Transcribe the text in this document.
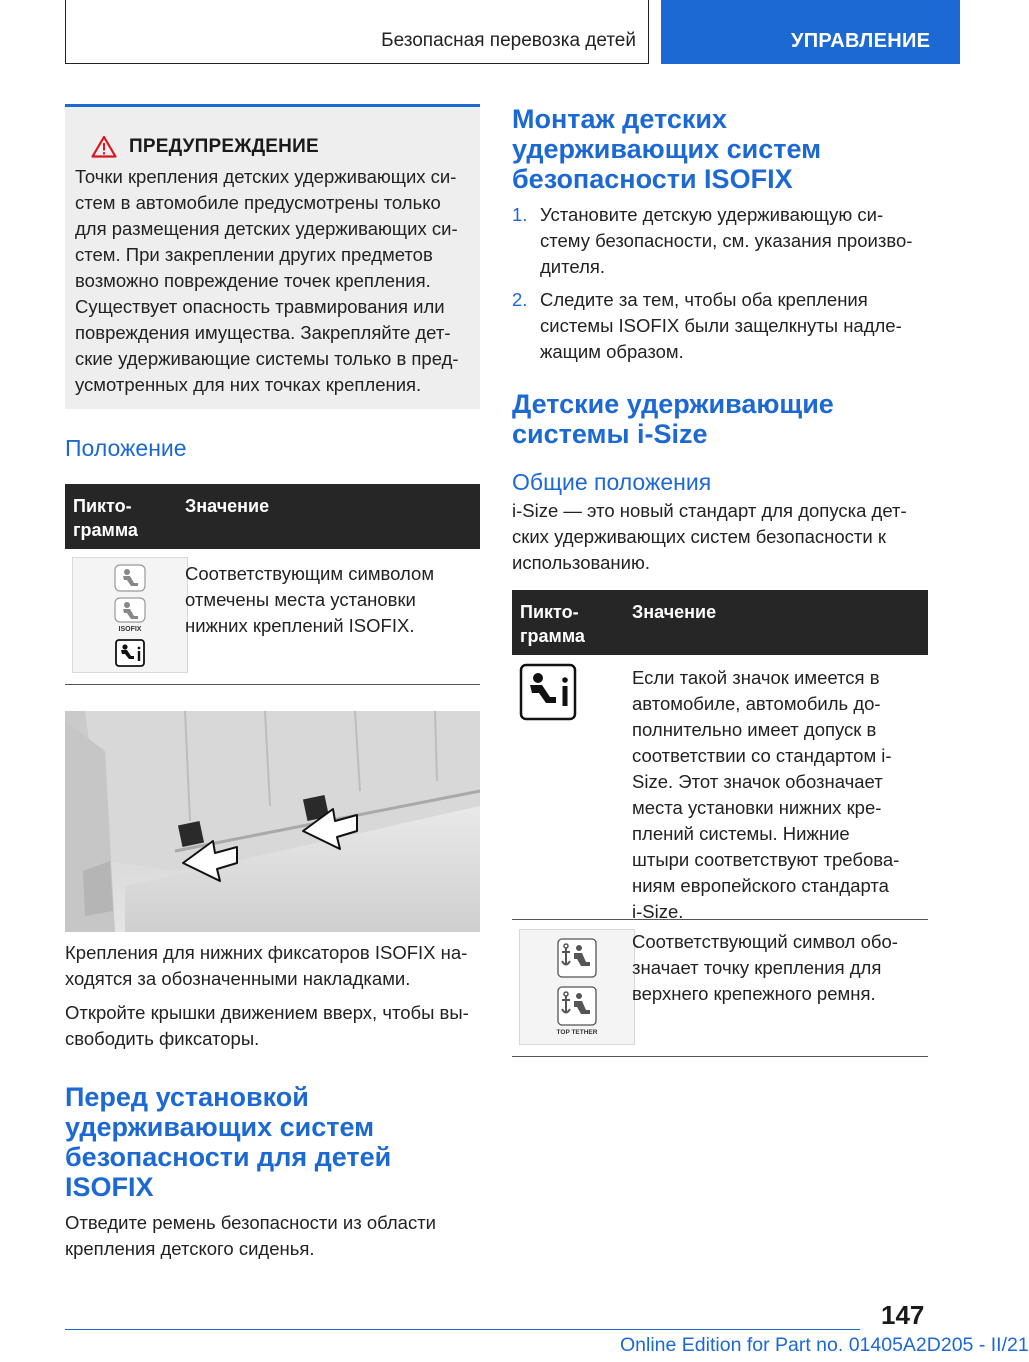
Безопасная перевозка детей	УПРАВЛЕНИЕ
ПРЕДУПРЕЖДЕНИЕ
Точки крепления детских удерживающих си-
стем в автомобиле предусмотрены только
для размещения детских удерживающих си-
стем. При закреплении других предметов
возможно повреждение точек крепления.
Существует опасность травмирования или
повреждения имущества. Закрепляйте дет-
ские удерживающие системы только в пред-
усмотренных для них точках крепления.
Положение
Пикто-
грамма
Значение
ISOFIX
Соответствующим символом
отмечены места установки
нижних креплений ISOFIX.
Крепления для нижних фиксаторов ISOFIX на-
ходятся за обозначенными накладками.
Откройте крышки движением вверх, чтобы вы-
свободить фиксаторы.
Перед установкой
удерживающих систем
безопасности для детей ISOFIX
Отведите ремень безопасности из области
крепления детского сиденья.
Монтаж детских
удерживающих систем
безопасности ISOFIX
1. Установите детскую удерживающую си-
стему безопасности, см. указания произво-
дителя.
2. Следите за тем, чтобы оба крепления
системы ISOFIX были защелкнуты надле-
жащим образом.
Детские удерживающие
системы i-Size
Общие положения
i-Size — это новый стандарт для допуска дет-
ских удерживающих систем безопасности к
использованию.
Пикто-
грамма
Значение
Если такой значок имеется в
автомобиле, автомобиль до-
полнительно имеет допуск в
соответствии со стандартом i-
Size. Этот значок обозначает
места установки нижних кре-
плений системы. Нижние
штыри соответствуют требова-
ниям европейского стандарта
i-Size.
TOP TETHER
Соответствующий символ обо-
значает точку крепления для
верхнего крепежного ремня.
147
Online Edition for Part no. 01405A2D205 - II/21
